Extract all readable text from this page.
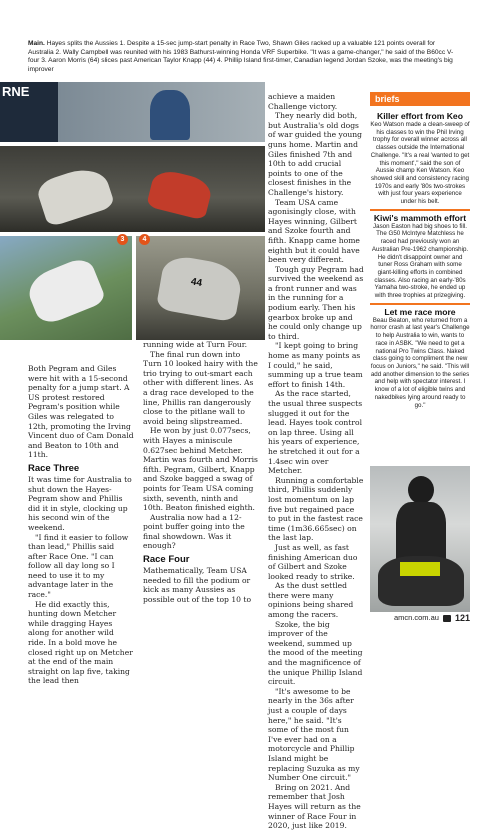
Main. Hayes splits the Aussies 1. Despite a 15-sec jump-start penalty in Race Two, Shawn Giles racked up a valuable 121 points overall for Australia 2. Wally Campbell was reunited with his 1983 Bathurst-winning Honda VRF Superbike. "It was a game-changer," he said of the B60cc V-four 3. Aaron Morris (64) slices past American Taylor Knapp (44) 4. Phillip Island first-timer, Canadian legend Jordan Szoke, was the meeting's big improver
RNE
44
3	4

Both Pegram and Giles were hit with a 15-second penalty for a jump start. A US protest restored Pegram's position while Giles was relegated to 12th, promoting the Irving Vincent duo of Cam Donald and Beaton to 10th and 11th.

Race Three

It was time for Australia to shut down the Hayes-Pegram show and Phillis did it in style, clocking up his second win of the weekend.

"I find it easier to follow than lead," Phillis said after Race One. "I can follow all day long so I need to use it to my advantage later in the race."

He did exactly this, hunting down Metcher while dragging Hayes along for another wild ride. In a bold move he closed right up on Metcher at the end of the main straight on lap five, taking the lead then

running wide at Turn Four.

The final run down into Turn 10 looked hairy with the trio trying to out-smart each other with different lines. As a drag race developed to the line, Phillis ran dangerously close to the pitlane wall to avoid being slipstreamed.

He won by just 0.077secs, with Hayes a miniscule 0.627sec behind Metcher. Martin was fourth and Morris fifth. Pegram, Gilbert, Knapp and Szoke bagged a swag of points for Team USA coming sixth, seventh, ninth and 10th. Beaton finished eighth.

Australia now had a 12-point buffer going into the final showdown. Was it enough?

Race Four

Mathematically, Team USA needed to fill the podium or kick as many Aussies as possible out of the top 10 to

achieve a maiden Challenge victory.

They nearly did both, but Australia's old dogs of war guided the young guns home. Martin and Giles finished 7th and 10th to add crucial points to one of the closest finishes in the Challenge's history.

Team USA came agonisingly close, with Hayes winning, Gilbert and Szoke fourth and fifth. Knapp came home eighth but it could have been very different.

Tough guy Pegram had survived the weekend as a front runner and was in the running for a podium early. Then his gearbox broke up and he could only change up to third.

"I kept going to bring home as many points as I could," he said, summing up a true team effort to finish 14th.

As the race started, the usual three suspects slugged it out for the lead. Hayes took control on lap three. Using all his years of experience, he stretched it out for a 1.4sec win over Metcher.

Running a comfortable third, Phillis suddenly lost momentum on lap five but regained pace to put in the fastest race time (1m36.665sec) on the last lap.

Just as well, as fast finishing American duo of Gilbert and Szoke looked ready to strike.

As the dust settled there were many opinions being shared among the racers.

Szoke, the big improver of the weekend, summed up the mood of the meeting and the magnificence of the unique Phillip Island circuit.

"It's awesome to be nearly in the 36s after just a couple of days here," he said. "It's some of the most fun I've ever had on a motorcycle and Phillip Island might be replacing Suzuka as my Number One circuit."

Bring on 2021. And remember that Josh Hayes will return as the winner of Race Four in 2020, just like 2019.

briefs
Killer effort from Keo
Keo Watson made a clean-sweep of his classes to win the Phil Irving trophy for overall winner across all classes outside the International Challenge. "It's a real 'wanted to get this moment'," said the son of Aussie champ Ken Watson. Keo showed skill and consistency racing 1970s and early '80s two-strokes with just four years experience under his belt.
Kiwi's mammoth effort
Jason Easton had big shoes to fill. The G50 McIntyre Matchless he raced had previously won an Australian Pre-1962 championship. He didn't disappoint owner and tuner Ross Graham with some giant-killing efforts in combined classes. Also racing an early-'80s Yamaha two-stroke, he ended up with three trophies at prizegiving.
Let me race more
Beau Beaton, who returned from a horror crash at last year's Challenge to help Australia to win, wants to race in ASBK. "We need to get a national Pro Twins Class. Naked class going to compliment the new focus on Juniors," he said. "This will add another dimension to the series and help with spectator interest. I know of a lot of eligible twins and nakedbikes lying around ready to go."
amcn.com.au 121
